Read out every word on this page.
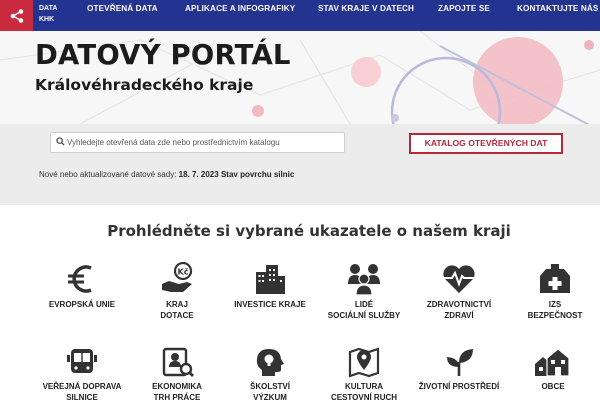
DATA
KHK
OTEVŘENÁ DATA	APLIKACE A INFOGRAFIKY	STAV KRAJE V DATECH	ZAPOJTE SE	KONTAKTUJTE NÁS
DATOVÝ PORTÁL
Královéhradeckého kraje
Vyhledejte otevřená data zde nebo prostřednictvím katalogu	KATALOG OTEVŘENÝCH DAT
Nové nebo aktualizované datové sady: 18. 7. 2023 Stav povrchu silnic
Prohlédněte si vybrané ukazatele o našem kraji
EVROPSKÁ UNIE
Kč
KRAJ
DOTACE
INVESTICE KRAJE	LIDÉ
SOCIÁLNÍ SLUŽBY
ZDRAVOTNICTVÍ
ZDRAVÍ
IZS
BEZPEČNOST
VEŘEJNÁ DOPRAVA
SILNICE
EKONOMIKA
TRH PRÁCE
ŠKOLSTVÍ
VÝZKUM
KULTURA
CESTOVNÍ RUCH
ŽIVOTNÍ PROSTŘEDÍ	OBCE
